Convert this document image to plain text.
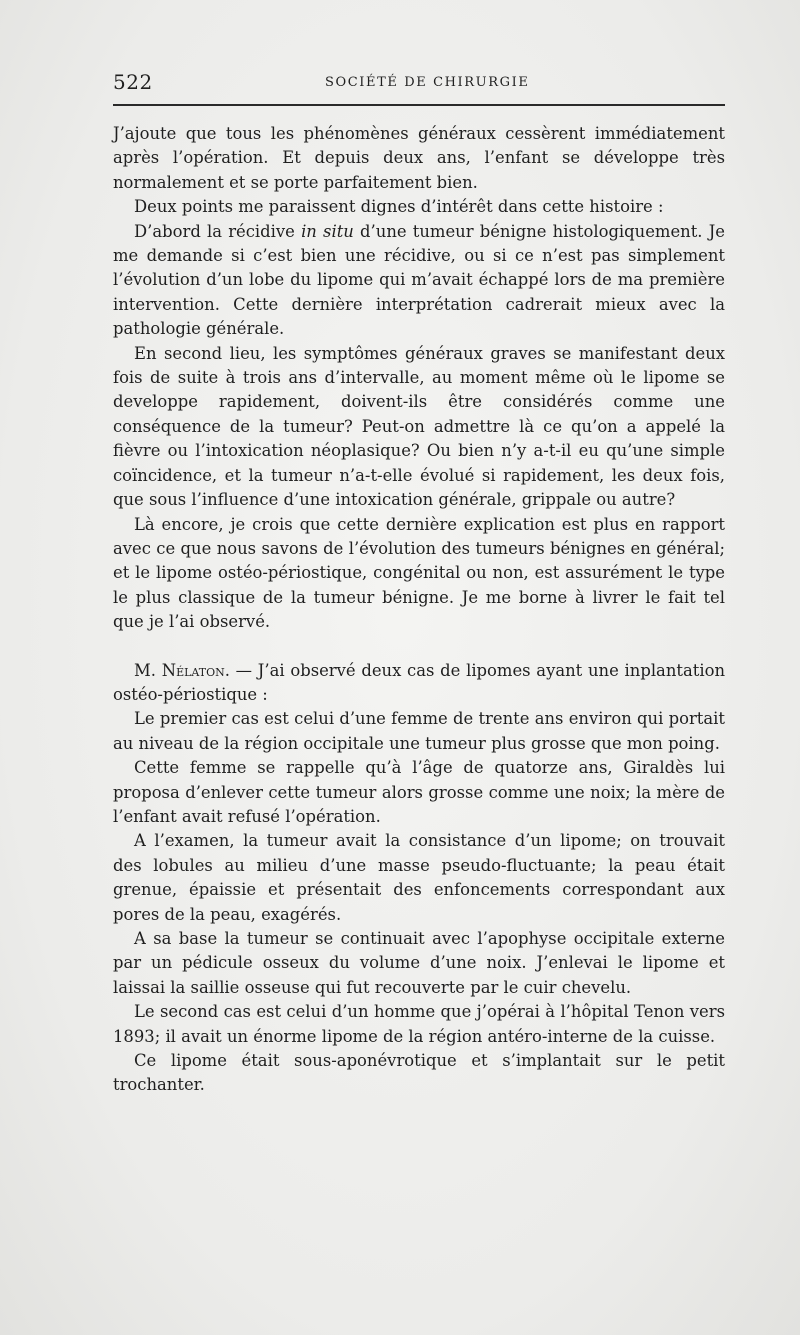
522	SOCIÉTÉ DE CHIRURGIE

J’ajoute que tous les phénomènes généraux cessèrent immédiatement après l’opération. Et depuis deux ans, l’enfant se développe très normalement et se porte parfaitement bien.

Deux points me paraissent dignes d’intérêt dans cette histoire :

D’abord la récidive in situ d’une tumeur bénigne histologiquement. Je me demande si c’est bien une récidive, ou si ce n’est pas simplement l’évolution d’un lobe du lipome qui m’avait échappé lors de ma première intervention. Cette dernière interprétation cadrerait mieux avec la pathologie générale.

En second lieu, les symptômes généraux graves se manifestant deux fois de suite à trois ans d’intervalle, au moment même où le lipome se developpe rapidement, doivent-ils être considérés comme une conséquence de la tumeur? Peut-on admettre là ce qu’on a appelé la fièvre ou l’intoxication néoplasique? Ou bien n’y a-t-il eu qu’une simple coïncidence, et la tumeur n’a-t-elle évolué si rapidement, les deux fois, que sous l’influence d’une intoxication générale, grippale ou autre?

Là encore, je crois que cette dernière explication est plus en rapport avec ce que nous savons de l’évolution des tumeurs bénignes en général; et le lipome ostéo-périostique, congénital ou non, est assurément le type le plus classique de la tumeur bénigne. Je me borne à livrer le fait tel que je l’ai observé.

M. Nélaton. — J’ai observé deux cas de lipomes ayant une inplantation ostéo-périostique :

Le premier cas est celui d’une femme de trente ans environ qui portait au niveau de la région occipitale une tumeur plus grosse que mon poing.

Cette femme se rappelle qu’à l’âge de quatorze ans, Giraldès lui proposa d’enlever cette tumeur alors grosse comme une noix; la mère de l’enfant avait refusé l’opération.

A l’examen, la tumeur avait la consistance d’un lipome; on trouvait des lobules au milieu d’une masse pseudo-fluctuante; la peau était grenue, épaissie et présentait des enfoncements correspondant aux pores de la peau, exagérés.

A sa base la tumeur se continuait avec l’apophyse occipitale externe par un pédicule osseux du volume d’une noix. J’enlevai le lipome et laissai la saillie osseuse qui fut recouverte par le cuir chevelu.

Le second cas est celui d’un homme que j’opérai à l’hôpital Tenon vers 1893; il avait un énorme lipome de la région antéro-interne de la cuisse.

Ce lipome était sous-aponévrotique et s’implantait sur le petit trochanter.
